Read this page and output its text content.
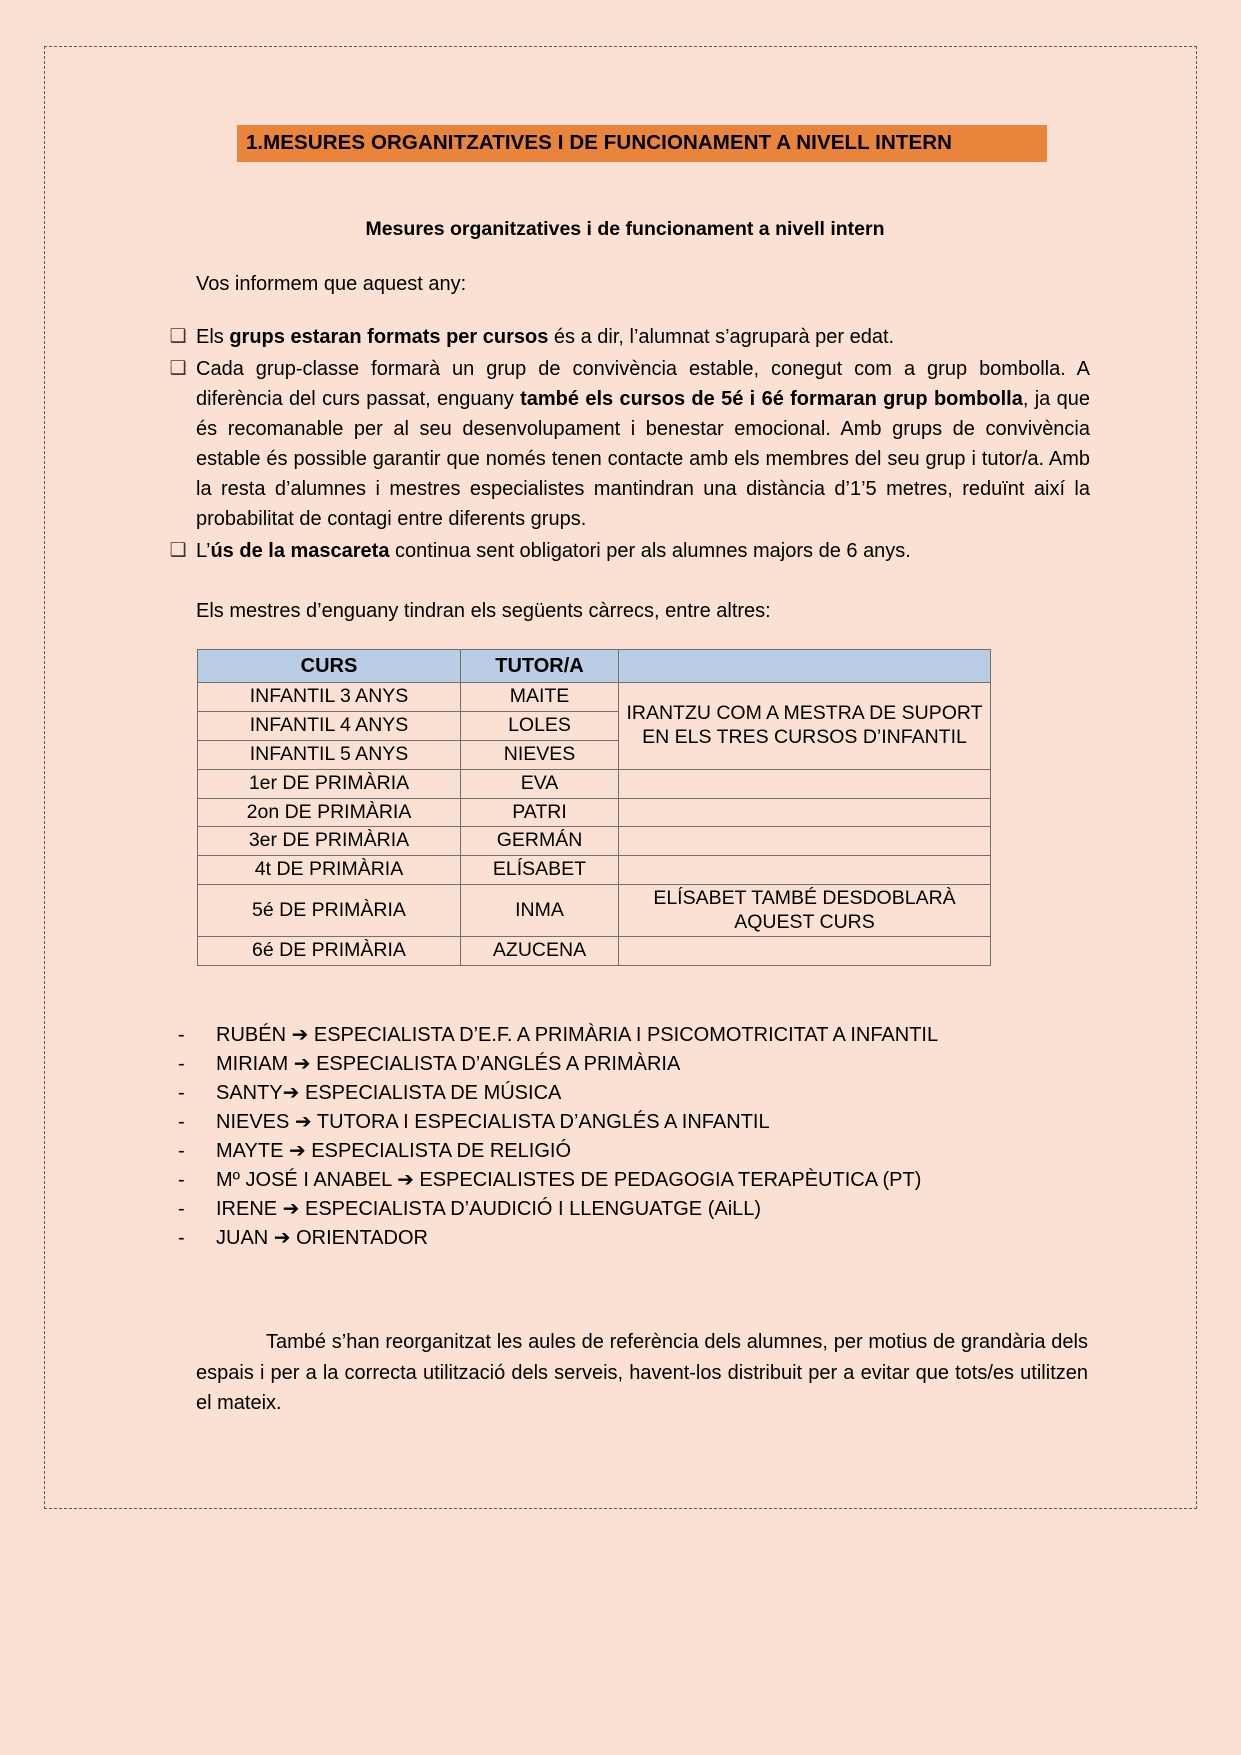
1. MESURES ORGANITZATIVES I DE FUNCIONAMENT A NIVELL INTERN
Mesures organitzatives i de funcionament a nivell intern
Vos informem que aquest any:
❑ Els grups estaran formats per cursos és a dir, l’alumnat s’agruparà per edat.
❑ Cada grup-classe formarà un grup de convivència estable, conegut com a grup bombolla. A diferència del curs passat, enguany també els cursos de 5é i 6é formaran grup bombolla, ja que és recomanable per al seu desenvolupament i benestar emocional. Amb grups de convivència estable és possible garantir que només tenen contacte amb els membres del seu grup i tutor/a. Amb la resta d’alumnes i mestres especialistes mantindran una distància d’1’5 metres, reduïnt així la probabilitat de contagi entre diferents grups.
❑ L’ús de la mascareta continua sent obligatori per als alumnes majors de 6 anys.
Els mestres d’enguany tindran els següents càrrecs, entre altres:
CURS	TUTOR/A	
INFANTIL 3 ANYS	MAITE	IRANTZU COM A MESTRA DE SUPORT EN ELS TRES CURSOS D’INFANTIL
INFANTIL 4 ANYS	LOLES	
INFANTIL 5 ANYS	NIEVES	
1er DE PRIMÀRIA	EVA	
2on DE PRIMÀRIA	PATRI	
3er DE PRIMÀRIA	GERMÁN	
4t DE PRIMÀRIA	ELÍSABET	
5é DE PRIMÀRIA	INMA	ELÍSABET TAMBÉ DESDOBLARÀ AQUEST CURS
6é DE PRIMÀRIA	AZUCENA	
-	RUBÉN ➔ ESPECIALISTA D’E.F. A PRIMÀRIA I PSICOMOTRICITAT A INFANTIL
-	MIRIAM ➔ ESPECIALISTA D’ANGLÉS A PRIMÀRIA
-	SANTY➔ ESPECIALISTA DE MÚSICA
-	NIEVES ➔ TUTORA I ESPECIALISTA D’ANGLÉS A INFANTIL
-	MAYTE ➔ ESPECIALISTA DE RELIGIÓ
-	Mº JOSÉ I ANABEL ➔ ESPECIALISTES DE PEDAGOGIA TERAPÈUTICA (PT)
-	IRENE ➔ ESPECIALISTA D’AUDICIÓ I LLENGUATGE (AiLL)
-	JUAN ➔ ORIENTADOR
També s’han reorganitzat les aules de referència dels alumnes, per motius de grandària dels espais i per a la correcta utilització dels serveis, havent-los distribuit per a evitar que tots/es utilitzen el mateix.
